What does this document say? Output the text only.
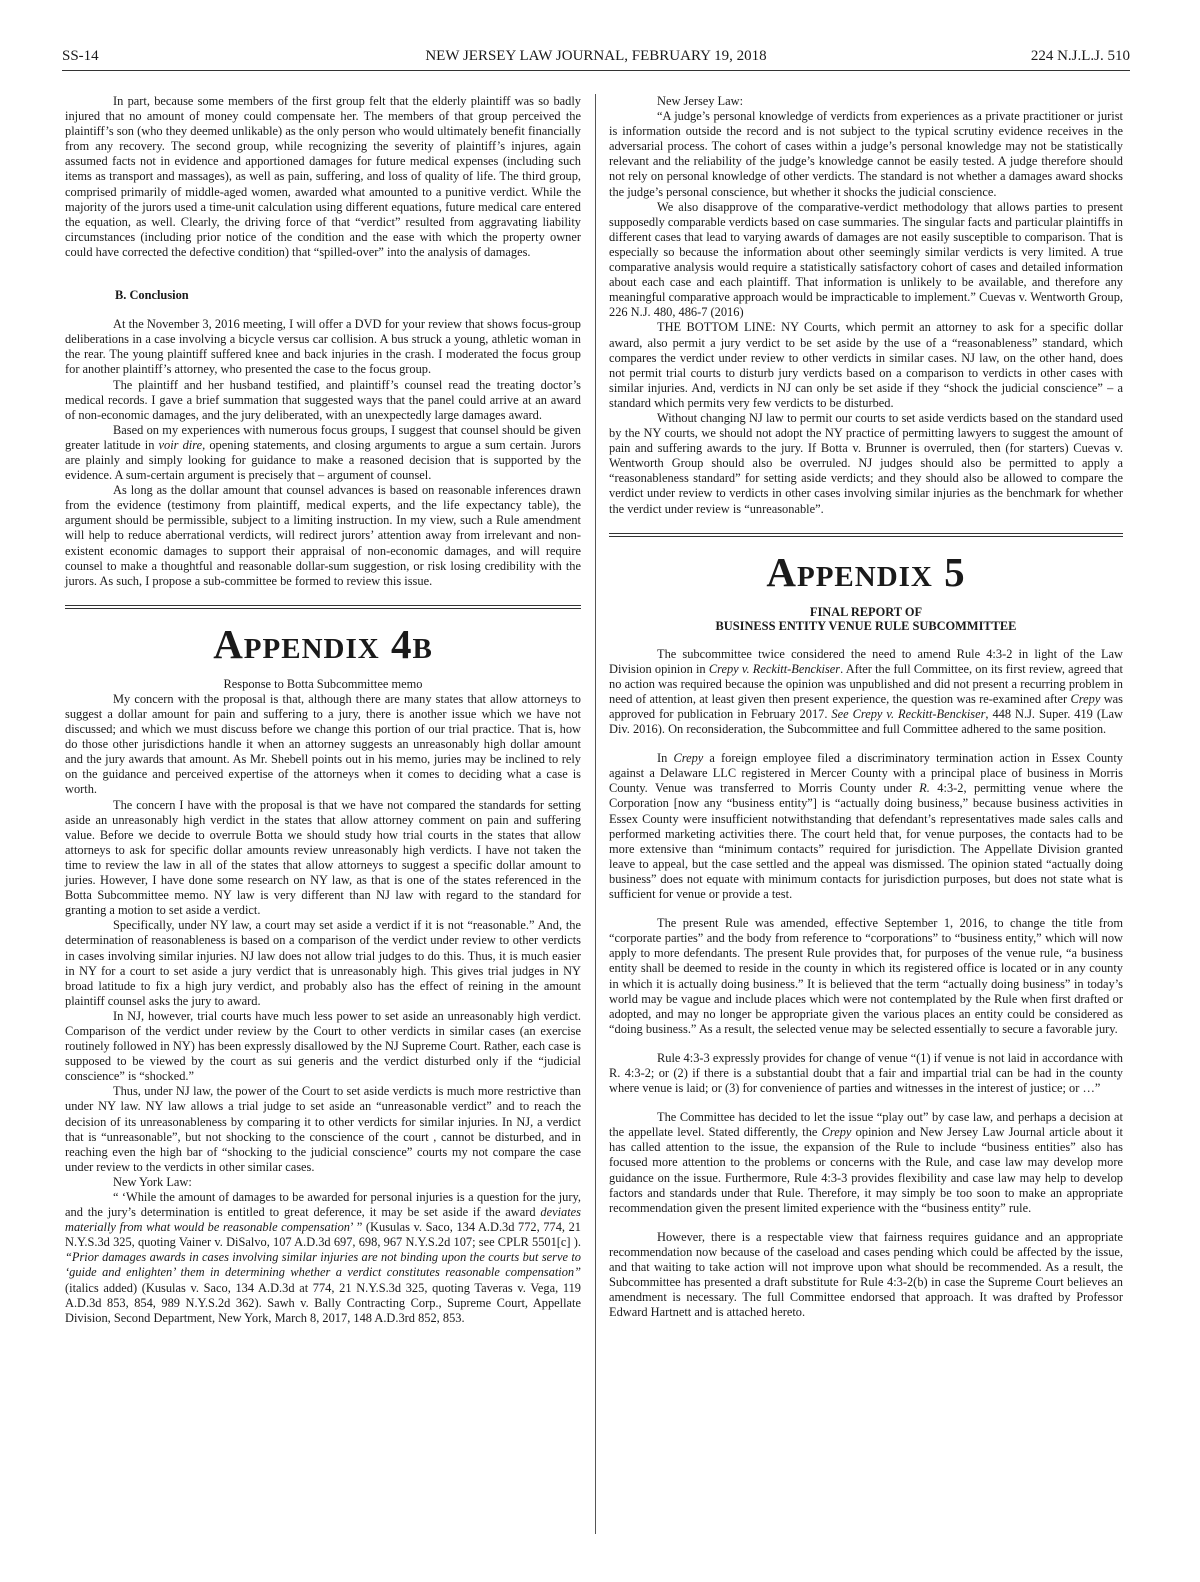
SS-14	NEW JERSEY LAW JOURNAL, FEBRUARY 19, 2018	224 N.J.L.J. 510

In part, because some members of the first group felt that the elderly plaintiff was so badly injured that no amount of money could compensate her. The members of that group perceived the plaintiff’s son (who they deemed unlikable) as the only person who would ultimately benefit financially from any recovery. The second group, while recognizing the severity of plaintiff’s injures, again assumed facts not in evidence and apportioned damages for future medical expenses (including such items as transport and massages), as well as pain, suffering, and loss of quality of life. The third group, comprised primarily of middle-aged women, awarded what amounted to a punitive verdict. While the majority of the jurors used a time-unit calculation using different equations, future medical care entered the equation, as well. Clearly, the driving force of that “verdict” resulted from aggravating liability circumstances (including prior notice of the condition and the ease with which the property owner could have corrected the defective condition) that “spilled-over” into the analysis of damages.

B. Conclusion

At the November 3, 2016 meeting, I will offer a DVD for your review that shows focus-group deliberations in a case involving a bicycle versus car collision. A bus struck a young, athletic woman in the rear. The young plaintiff suffered knee and back injuries in the crash. I moderated the focus group for another plaintiff’s attorney, who presented the case to the focus group.

The plaintiff and her husband testified, and plaintiff’s counsel read the treating doctor’s medical records. I gave a brief summation that suggested ways that the panel could arrive at an award of non-economic damages, and the jury deliberated, with an unexpectedly large damages award.

Based on my experiences with numerous focus groups, I suggest that counsel should be given greater latitude in voir dire, opening statements, and closing arguments to argue a sum certain. Jurors are plainly and simply looking for guidance to make a reasoned decision that is supported by the evidence. A sum-certain argument is precisely that – argument of counsel.

As long as the dollar amount that counsel advances is based on reasonable inferences drawn from the evidence (testimony from plaintiff, medical experts, and the life expectancy table), the argument should be permissible, subject to a limiting instruction. In my view, such a Rule amendment will help to reduce aberrational verdicts, will redirect jurors’ attention away from irrelevant and non-existent economic damages to support their appraisal of non-economic damages, and will require counsel to make a thoughtful and reasonable dollar-sum suggestion, or risk losing credibility with the jurors. As such, I propose a sub-committee be formed to review this issue.

Appendix 4b

Response to Botta Subcommittee memo

My concern with the proposal is that, although there are many states that allow attorneys to suggest a dollar amount for pain and suffering to a jury, there is another issue which we have not discussed; and which we must discuss before we change this portion of our trial practice. That is, how do those other jurisdictions handle it when an attorney suggests an unreasonably high dollar amount and the jury awards that amount. As Mr. Shebell points out in his memo, juries may be inclined to rely on the guidance and perceived expertise of the attorneys when it comes to deciding what a case is worth.

The concern I have with the proposal is that we have not compared the standards for setting aside an unreasonably high verdict in the states that allow attorney comment on pain and suffering value. Before we decide to overrule Botta we should study how trial courts in the states that allow attorneys to ask for specific dollar amounts review unreasonably high verdicts. I have not taken the time to review the law in all of the states that allow attorneys to suggest a specific dollar amount to juries. However, I have done some research on NY law, as that is one of the states referenced in the Botta Subcommittee memo. NY law is very different than NJ law with regard to the standard for granting a motion to set aside a verdict.

Specifically, under NY law, a court may set aside a verdict if it is not “reasonable.” And, the determination of reasonableness is based on a comparison of the verdict under review to other verdicts in cases involving similar injuries. NJ law does not allow trial judges to do this. Thus, it is much easier in NY for a court to set aside a jury verdict that is unreasonably high. This gives trial judges in NY broad latitude to fix a high jury verdict, and probably also has the effect of reining in the amount plaintiff counsel asks the jury to award.

In NJ, however, trial courts have much less power to set aside an unreasonably high verdict. Comparison of the verdict under review by the Court to other verdicts in similar cases (an exercise routinely followed in NY) has been expressly disallowed by the NJ Supreme Court. Rather, each case is supposed to be viewed by the court as sui generis and the verdict disturbed only if the “judicial conscience” is “shocked.”

Thus, under NJ law, the power of the Court to set aside verdicts is much more restrictive than under NY law. NY law allows a trial judge to set aside an “unreasonable verdict” and to reach the decision of its unreasonableness by comparing it to other verdicts for similar injuries. In NJ, a verdict that is “unreasonable”, but not shocking to the conscience of the court , cannot be disturbed, and in reaching even the high bar of “shocking to the judicial conscience” courts my not compare the case under review to the verdicts in other similar cases.

New York Law:

“ ‘While the amount of damages to be awarded for personal injuries is a question for the jury, and the jury’s determination is entitled to great deference, it may be set aside if the award deviates materially from what would be reasonable compensation’ ” (Kusulas v. Saco, 134 A.D.3d 772, 774, 21 N.Y.S.3d 325, quoting Vainer v. DiSalvo, 107 A.D.3d 697, 698, 967 N.Y.S.2d 107; see CPLR 5501[c] ). “Prior damages awards in cases involving similar injuries are not binding upon the courts but serve to ‘guide and enlighten’ them in determining whether a verdict constitutes reasonable compensation” (italics added) (Kusulas v. Saco, 134 A.D.3d at 774, 21 N.Y.S.3d 325, quoting Taveras v. Vega, 119 A.D.3d 853, 854, 989 N.Y.S.2d 362). Sawh v. Bally Contracting Corp., Supreme Court, Appellate Division, Second Department, New York, March 8, 2017, 148 A.D.3rd 852, 853.

New Jersey Law:

“A judge’s personal knowledge of verdicts from experiences as a private practitioner or jurist is information outside the record and is not subject to the typical scrutiny evidence receives in the adversarial process. The cohort of cases within a judge’s personal knowledge may not be statistically relevant and the reliability of the judge’s knowledge cannot be easily tested. A judge therefore should not rely on personal knowledge of other verdicts. The standard is not whether a damages award shocks the judge’s personal conscience, but whether it shocks the judicial conscience.

We also disapprove of the comparative-verdict methodology that allows parties to present supposedly comparable verdicts based on case summaries. The singular facts and particular plaintiffs in different cases that lead to varying awards of damages are not easily susceptible to comparison. That is especially so because the information about other seemingly similar verdicts is very limited. A true comparative analysis would require a statistically satisfactory cohort of cases and detailed information about each case and each plaintiff. That information is unlikely to be available, and therefore any meaningful comparative approach would be impracticable to implement.” Cuevas v. Wentworth Group, 226 N.J. 480, 486-7 (2016)

THE BOTTOM LINE: NY Courts, which permit an attorney to ask for a specific dollar award, also permit a jury verdict to be set aside by the use of a “reasonableness” standard, which compares the verdict under review to other verdicts in similar cases. NJ law, on the other hand, does not permit trial courts to disturb jury verdicts based on a comparison to verdicts in other cases with similar injuries. And, verdicts in NJ can only be set aside if they “shock the judicial conscience” – a standard which permits very few verdicts to be disturbed.

Without changing NJ law to permit our courts to set aside verdicts based on the standard used by the NY courts, we should not adopt the NY practice of permitting lawyers to suggest the amount of pain and suffering awards to the jury. If Botta v. Brunner is overruled, then (for starters) Cuevas v. Wentworth Group should also be overruled. NJ judges should also be permitted to apply a “reasonableness standard” for setting aside verdicts; and they should also be allowed to compare the verdict under review to verdicts in other cases involving similar injuries as the benchmark for whether the verdict under review is “unreasonable”.

Appendix 5
FINAL REPORT OF
BUSINESS ENTITY VENUE RULE SUBCOMMITTEE

The subcommittee twice considered the need to amend Rule 4:3-2 in light of the Law Division opinion in Crepy v. Reckitt-Benckiser. After the full Committee, on its first review, agreed that no action was required because the opinion was unpublished and did not present a recurring problem in need of attention, at least given then present experience, the question was re-examined after Crepy was approved for publication in February 2017. See Crepy v. Reckitt-Benckiser, 448 N.J. Super. 419 (Law Div. 2016). On reconsideration, the Subcommittee and full Committee adhered to the same position.

In Crepy a foreign employee filed a discriminatory termination action in Essex County against a Delaware LLC registered in Mercer County with a principal place of business in Morris County. Venue was transferred to Morris County under R. 4:3-2, permitting venue where the Corporation [now any “business entity”] is “actually doing business,” because business activities in Essex County were insufficient notwithstanding that defendant’s representatives made sales calls and performed marketing activities there. The court held that, for venue purposes, the contacts had to be more extensive than “minimum contacts” required for jurisdiction. The Appellate Division granted leave to appeal, but the case settled and the appeal was dismissed. The opinion stated “actually doing business” does not equate with minimum contacts for jurisdiction purposes, but does not state what is sufficient for venue or provide a test.

The present Rule was amended, effective September 1, 2016, to change the title from “corporate parties” and the body from reference to “corporations” to “business entity,” which will now apply to more defendants. The present Rule provides that, for purposes of the venue rule, “a business entity shall be deemed to reside in the county in which its registered office is located or in any county in which it is actually doing business.” It is believed that the term “actually doing business” in today’s world may be vague and include places which were not contemplated by the Rule when first drafted or adopted, and may no longer be appropriate given the various places an entity could be considered as “doing business.” As a result, the selected venue may be selected essentially to secure a favorable jury.

Rule 4:3-3 expressly provides for change of venue “(1) if venue is not laid in accordance with R. 4:3-2; or (2) if there is a substantial doubt that a fair and impartial trial can be had in the county where venue is laid; or (3) for convenience of parties and witnesses in the interest of justice; or …”

The Committee has decided to let the issue “play out” by case law, and perhaps a decision at the appellate level. Stated differently, the Crepy opinion and New Jersey Law Journal article about it has called attention to the issue, the expansion of the Rule to include “business entities” also has focused more attention to the problems or concerns with the Rule, and case law may develop more guidance on the issue. Furthermore, Rule 4:3-3 provides flexibility and case law may help to develop factors and standards under that Rule. Therefore, it may simply be too soon to make an appropriate recommendation given the present limited experience with the “business entity” rule.

However, there is a respectable view that fairness requires guidance and an appropriate recommendation now because of the caseload and cases pending which could be affected by the issue, and that waiting to take action will not improve upon what should be recommended. As a result, the Subcommittee has presented a draft substitute for Rule 4:3-2(b) in case the Supreme Court believes an amendment is necessary. The full Committee endorsed that approach. It was drafted by Professor Edward Hartnett and is attached hereto.
